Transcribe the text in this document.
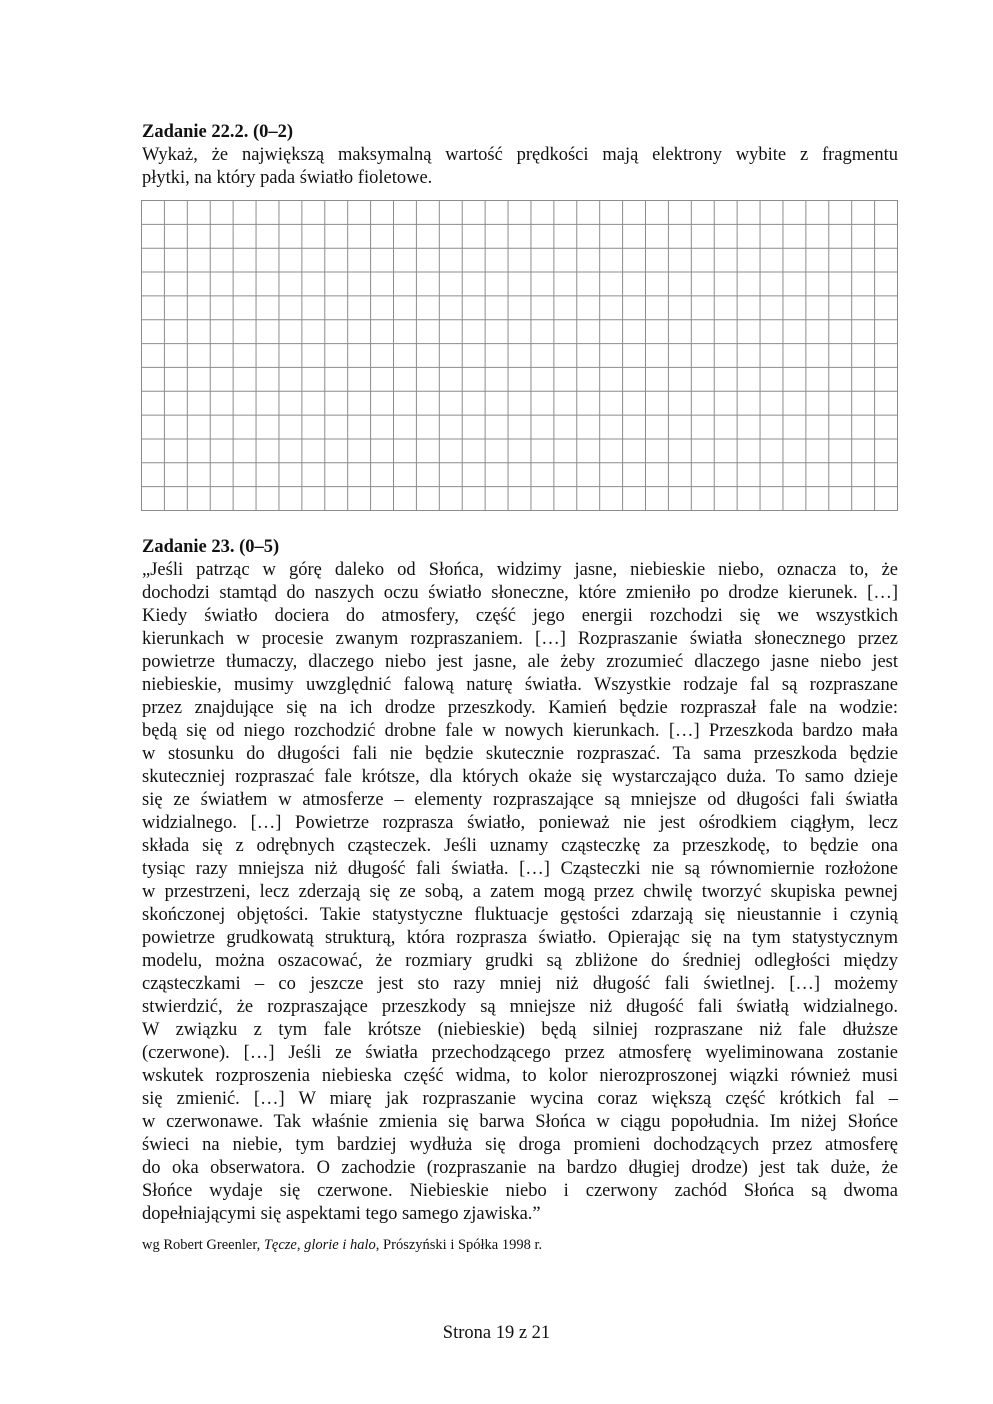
Zadanie 22.2. (0–2)
Wykaż, że największą maksymalną wartość prędkości mają elektrony wybite z fragmentu
płytki, na który pada światło fioletowe.
Zadanie 23. (0–5)
„Jeśli patrząc w górę daleko od Słońca, widzimy jasne, niebieskie niebo, oznacza to, że
dochodzi stamtąd do naszych oczu światło słoneczne, które zmieniło po drodze kierunek. […]
Kiedy światło dociera do atmosfery, część jego energii rozchodzi się we wszystkich
kierunkach w procesie zwanym rozpraszaniem. […] Rozpraszanie światła słonecznego przez
powietrze tłumaczy, dlaczego niebo jest jasne, ale żeby zrozumieć dlaczego jasne niebo jest
niebieskie, musimy uwzględnić falową naturę światła. Wszystkie rodzaje fal są rozpraszane
przez znajdujące się na ich drodze przeszkody. Kamień będzie rozpraszał fale na wodzie:
będą się od niego rozchodzić drobne fale w nowych kierunkach. […] Przeszkoda bardzo mała
w stosunku do długości fali nie będzie skutecznie rozpraszać. Ta sama przeszkoda będzie
skuteczniej rozpraszać fale krótsze, dla których okaże się wystarczająco duża. To samo dzieje
się ze światłem w atmosferze – elementy rozpraszające są mniejsze od długości fali światła
widzialnego. […] Powietrze rozprasza światło, ponieważ nie jest ośrodkiem ciągłym, lecz
składa się z odrębnych cząsteczek. Jeśli uznamy cząsteczkę za przeszkodę, to będzie ona
tysiąc razy mniejsza niż długość fali światła. […] Cząsteczki nie są równomiernie rozłożone
w przestrzeni, lecz zderzają się ze sobą, a zatem mogą przez chwilę tworzyć skupiska pewnej
skończonej objętości. Takie statystyczne fluktuacje gęstości zdarzają się nieustannie i czynią
powietrze grudkowatą strukturą, która rozprasza światło. Opierając się na tym statystycznym
modelu, można oszacować, że rozmiary grudki są zbliżone do średniej odległości między
cząsteczkami – co jeszcze jest sto razy mniej niż długość fali świetlnej. […] możemy
stwierdzić, że rozpraszające przeszkody są mniejsze niż długość fali światłą widzialnego.
W związku z tym fale krótsze (niebieskie) będą silniej rozpraszane niż fale dłuższe
(czerwone). […] Jeśli ze światła przechodzącego przez atmosferę wyeliminowana zostanie
wskutek rozproszenia niebieska część widma, to kolor nierozproszonej wiązki również musi
się zmienić. […] W miarę jak rozpraszanie wycina coraz większą część krótkich fal –
w czerwonawe. Tak właśnie zmienia się barwa Słońca w ciągu popołudnia. Im niżej Słońce
świeci na niebie, tym bardziej wydłuża się droga promieni dochodzących przez atmosferę
do oka obserwatora. O zachodzie (rozpraszanie na bardzo długiej drodze) jest tak duże, że
Słońce wydaje się czerwone. Niebieskie niebo i czerwony zachód Słońca są dwoma
dopełniającymi się aspektami tego samego zjawiska.”
wg Robert Greenler, Tęcze, glorie i halo, Prószyński i Spółka 1998 r.
Strona 19 z 21
